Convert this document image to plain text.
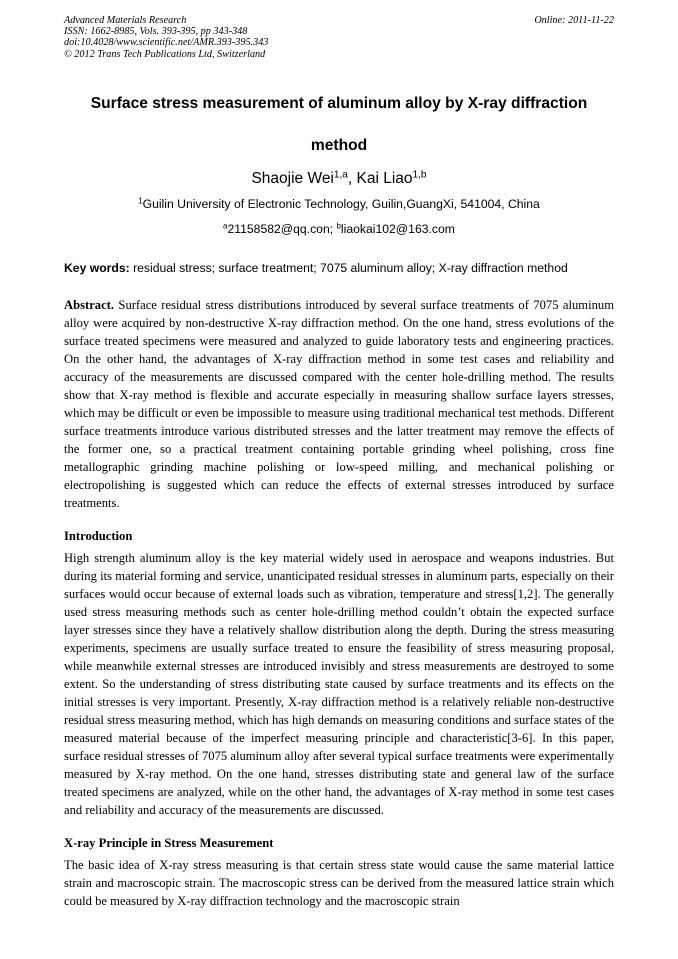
Advanced Materials Research
ISSN: 1662-8985, Vols. 393-395, pp 343-348
doi:10.4028/www.scientific.net/AMR.393-395.343
© 2012 Trans Tech Publications Ltd, Switzerland
Online: 2011-11-22
Surface stress measurement of aluminum alloy by X-ray diffraction method
Shaojie Wei$^{1,a}$, Kai Liao$^{1,b}$
$^1$Guilin University of Electronic Technology, Guilin,GuangXi, 541004, China
$^a$21158582@qq.con; $^b$liaokai102@163.com
Key words: residual stress; surface treatment; 7075 aluminum alloy; X-ray diffraction method

Abstract. Surface residual stress distributions introduced by several surface treatments of 7075 aluminum alloy were acquired by non-destructive X-ray diffraction method. On the one hand, stress evolutions of the surface treated specimens were measured and analyzed to guide laboratory tests and engineering practices. On the other hand, the advantages of X-ray diffraction method in some test cases and reliability and accuracy of the measurements are discussed compared with the center hole-drilling method. The results show that X-ray method is flexible and accurate especially in measuring shallow surface layers stresses, which may be difficult or even be impossible to measure using traditional mechanical test methods. Different surface treatments introduce various distributed stresses and the latter treatment may remove the effects of the former one, so a practical treatment containing portable grinding wheel polishing, cross fine metallographic grinding machine polishing or low-speed milling, and mechanical polishing or electropolishing is suggested which can reduce the effects of external stresses introduced by surface treatments.

Introduction

High strength aluminum alloy is the key material widely used in aerospace and weapons industries. But during its material forming and service, unanticipated residual stresses in aluminum parts, especially on their surfaces would occur because of external loads such as vibration, temperature and stress[1,2]. The generally used stress measuring methods such as center hole-drilling method couldn’t obtain the expected surface layer stresses since they have a relatively shallow distribution along the depth. During the stress measuring experiments, specimens are usually surface treated to ensure the feasibility of stress measuring proposal, while meanwhile external stresses are introduced invisibly and stress measurements are destroyed to some extent. So the understanding of stress distributing state caused by surface treatments and its effects on the initial stresses is very important. Presently, X-ray diffraction method is a relatively reliable non-destructive residual stress measuring method, which has high demands on measuring conditions and surface states of the measured material because of the imperfect measuring principle and characteristic[3-6]. In this paper, surface residual stresses of 7075 aluminum alloy after several typical surface treatments were experimentally measured by X-ray method. On the one hand, stresses distributing state and general law of the surface treated specimens are analyzed, while on the other hand, the advantages of X-ray method in some test cases and reliability and accuracy of the measurements are discussed.

X-ray Principle in Stress Measurement

The basic idea of X-ray stress measuring is that certain stress state would cause the same material lattice strain and macroscopic strain. The macroscopic stress can be derived from the measured lattice strain which could be measured by X-ray diffraction technology and the macroscopic strain
